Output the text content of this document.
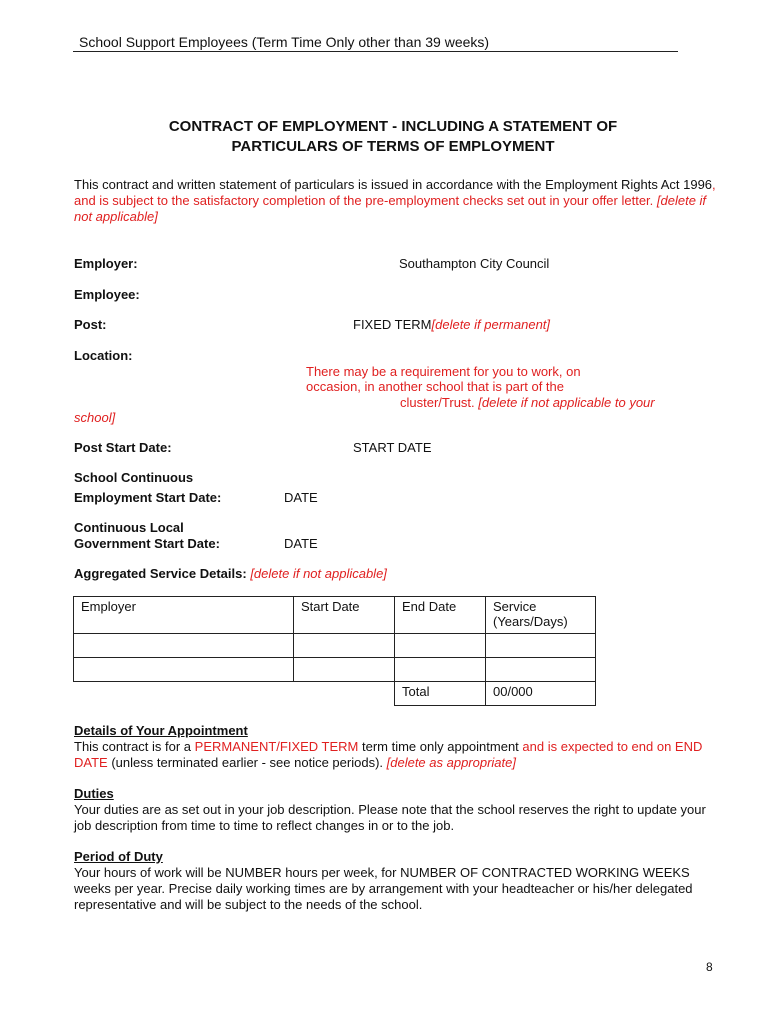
School Support Employees (Term Time Only other than 39 weeks)
CONTRACT OF EMPLOYMENT - INCLUDING A STATEMENT OF
PARTICULARS OF TERMS OF EMPLOYMENT
This contract and written statement of particulars is issued in accordance with the Employment Rights Act 1996, and is subject to the satisfactory completion of the pre-employment checks set out in your offer letter. [delete if not applicable]
Employer:	Southampton City Council
Employee:
Post:	FIXED TERM[delete if permanent]
Location:
There may be a requirement for you to work, on
occasion, in another school that is part of the
cluster/Trust. [delete if not applicable to your
school]
Post Start Date:	START DATE
School Continuous
Employment Start Date:	DATE
Continuous Local
Government Start Date:	DATE
Aggregated Service Details: [delete if not applicable]
Employer	Start Date	End Date	Service
(Years/Days)

		Total	00/000
Details of Your Appointment
This contract is for a PERMANENT/FIXED TERM term time only appointment and is expected to end on END DATE (unless terminated earlier - see notice periods). [delete as appropriate]
Duties
Your duties are as set out in your job description. Please note that the school reserves the right to update your job description from time to time to reflect changes in or to the job.
Period of Duty
Your hours of work will be NUMBER hours per week, for NUMBER OF CONTRACTED WORKING WEEKS weeks per year. Precise daily working times are by arrangement with your headteacher or his/her delegated representative and will be subject to the needs of the school.
8
